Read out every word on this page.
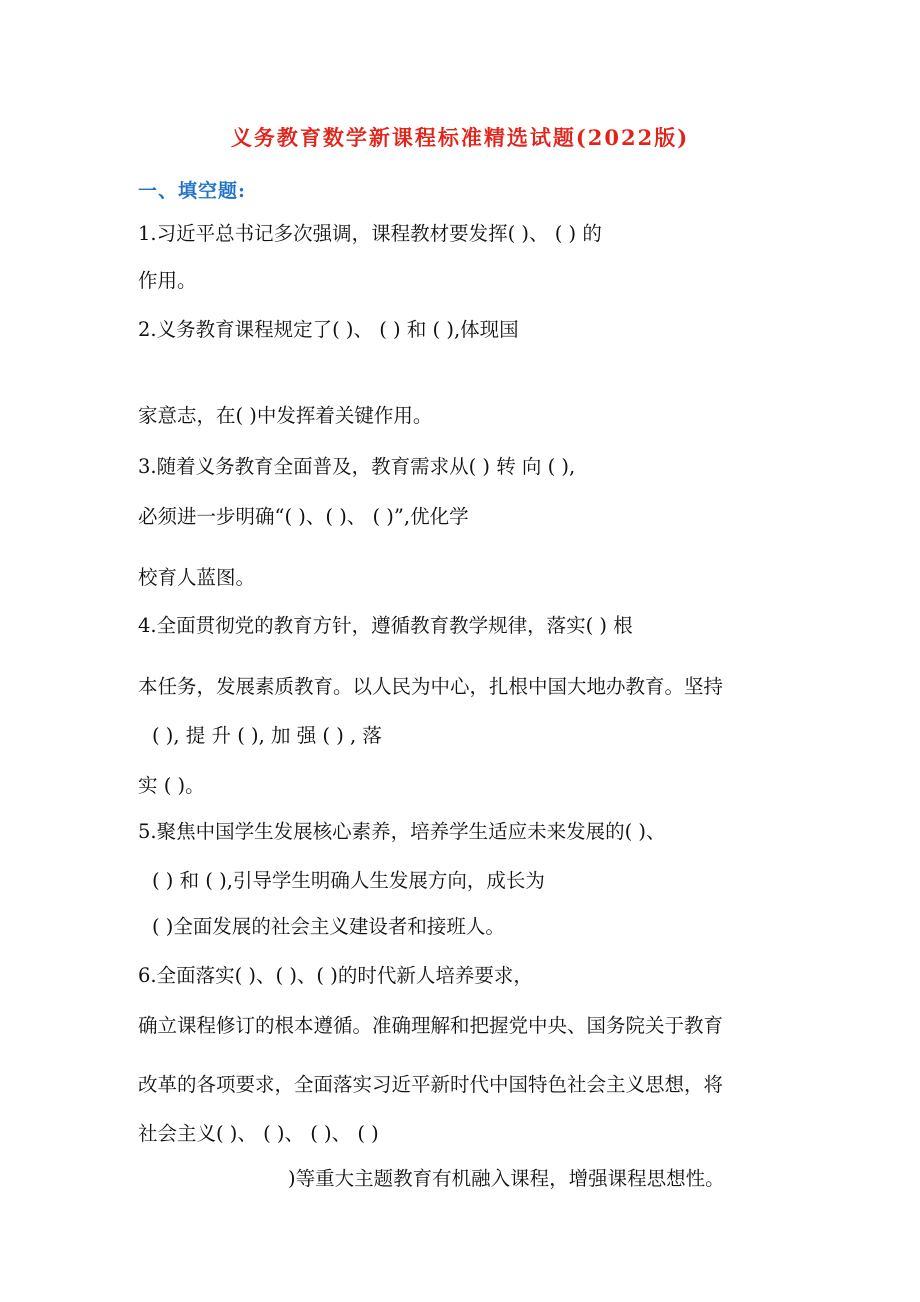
义务教育数学新课程标准精选试题(2022版)
一、填空题:
1.习近平总书记多次强调，课程教材要发挥( )、 ( ) 的
作用。
2.义务教育课程规定了( )、 ( ) 和 ( ),体现国
家意志，在( )中发挥着关键作用。
3.随着义务教育全面普及，教育需求从( ) 转 向 ( ),
必须进一步明确“( )、( )、 ( )”,优化学
校育人蓝图。
4.全面贯彻党的教育方针，遵循教育教学规律，落实( ) 根
本任务，发展素质教育。以人民为中心，扎根中国大地办教育。坚持
( ), 提 升 ( ), 加 强 ( ) , 落
实 ( )。
5.聚焦中国学生发展核心素养，培养学生适应未来发展的( )、
( ) 和 ( ),引导学生明确人生发展方向，成长为
( )全面发展的社会主义建设者和接班人。
6.全面落实( )、( )、( )的时代新人培养要求，
确立课程修订的根本遵循。准确理解和把握党中央、国务院关于教育
改革的各项要求，全面落实习近平新时代中国特色社会主义思想，将
社会主义( )、 ( )、 ( )、 ( )
)等重大主题教育有机融入课程，增强课程思想性。
